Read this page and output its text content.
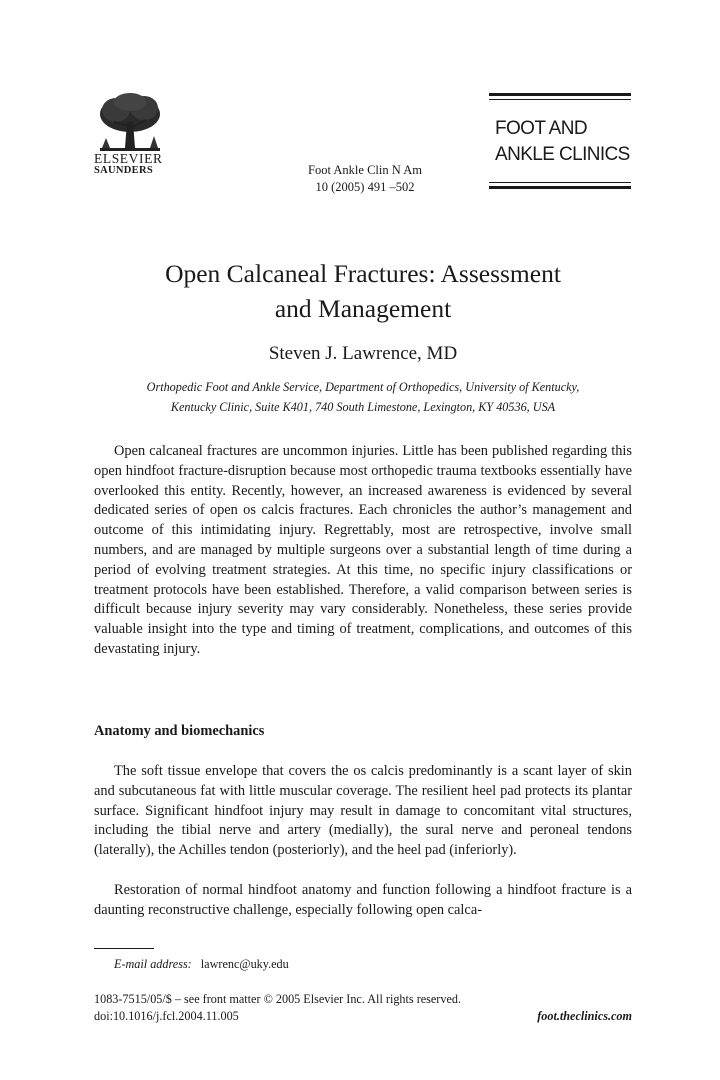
ELSEVIER
SAUNDERS	Foot Ankle Clin N Am
10 (2005) 491 –502
FOOT AND
ANKLE CLINICS
Open Calcaneal Fractures: Assessment
and Management
Steven J. Lawrence, MD
Orthopedic Foot and Ankle Service, Department of Orthopedics, University of Kentucky,
Kentucky Clinic, Suite K401, 740 South Limestone, Lexington, KY 40536, USA

Open calcaneal fractures are uncommon injuries. Little has been published regarding this open hindfoot fracture-disruption because most orthopedic trauma textbooks essentially have overlooked this entity. Recently, however, an increased awareness is evidenced by several dedicated series of open os calcis fractures. Each chronicles the author’s management and outcome of this intimidating injury. Regrettably, most are retrospective, involve small numbers, and are managed by multiple surgeons over a substantial length of time during a period of evolving treatment strategies. At this time, no specific injury classifications or treatment protocols have been established. Therefore, a valid comparison between series is difficult because injury severity may vary considerably. Nonetheless, these series provide valuable insight into the type and timing of treatment, complications, and outcomes of this devastating injury.

Anatomy and biomechanics

The soft tissue envelope that covers the os calcis predominantly is a scant layer of skin and subcutaneous fat with little muscular coverage. The resilient heel pad protects its plantar surface. Significant hindfoot injury may result in damage to concomitant vital structures, including the tibial nerve and artery (medially), the sural nerve and peroneal tendons (laterally), the Achilles tendon (posteriorly), and the heel pad (inferiorly).

Restoration of normal hindfoot anatomy and function following a hindfoot fracture is a daunting reconstructive challenge, especially following open calca-

E-mail address: lawrenc@uky.edu
1083-7515/05/$ – see front matter © 2005 Elsevier Inc. All rights reserved.
doi:10.1016/j.fcl.2004.11.005	foot.theclinics.com
